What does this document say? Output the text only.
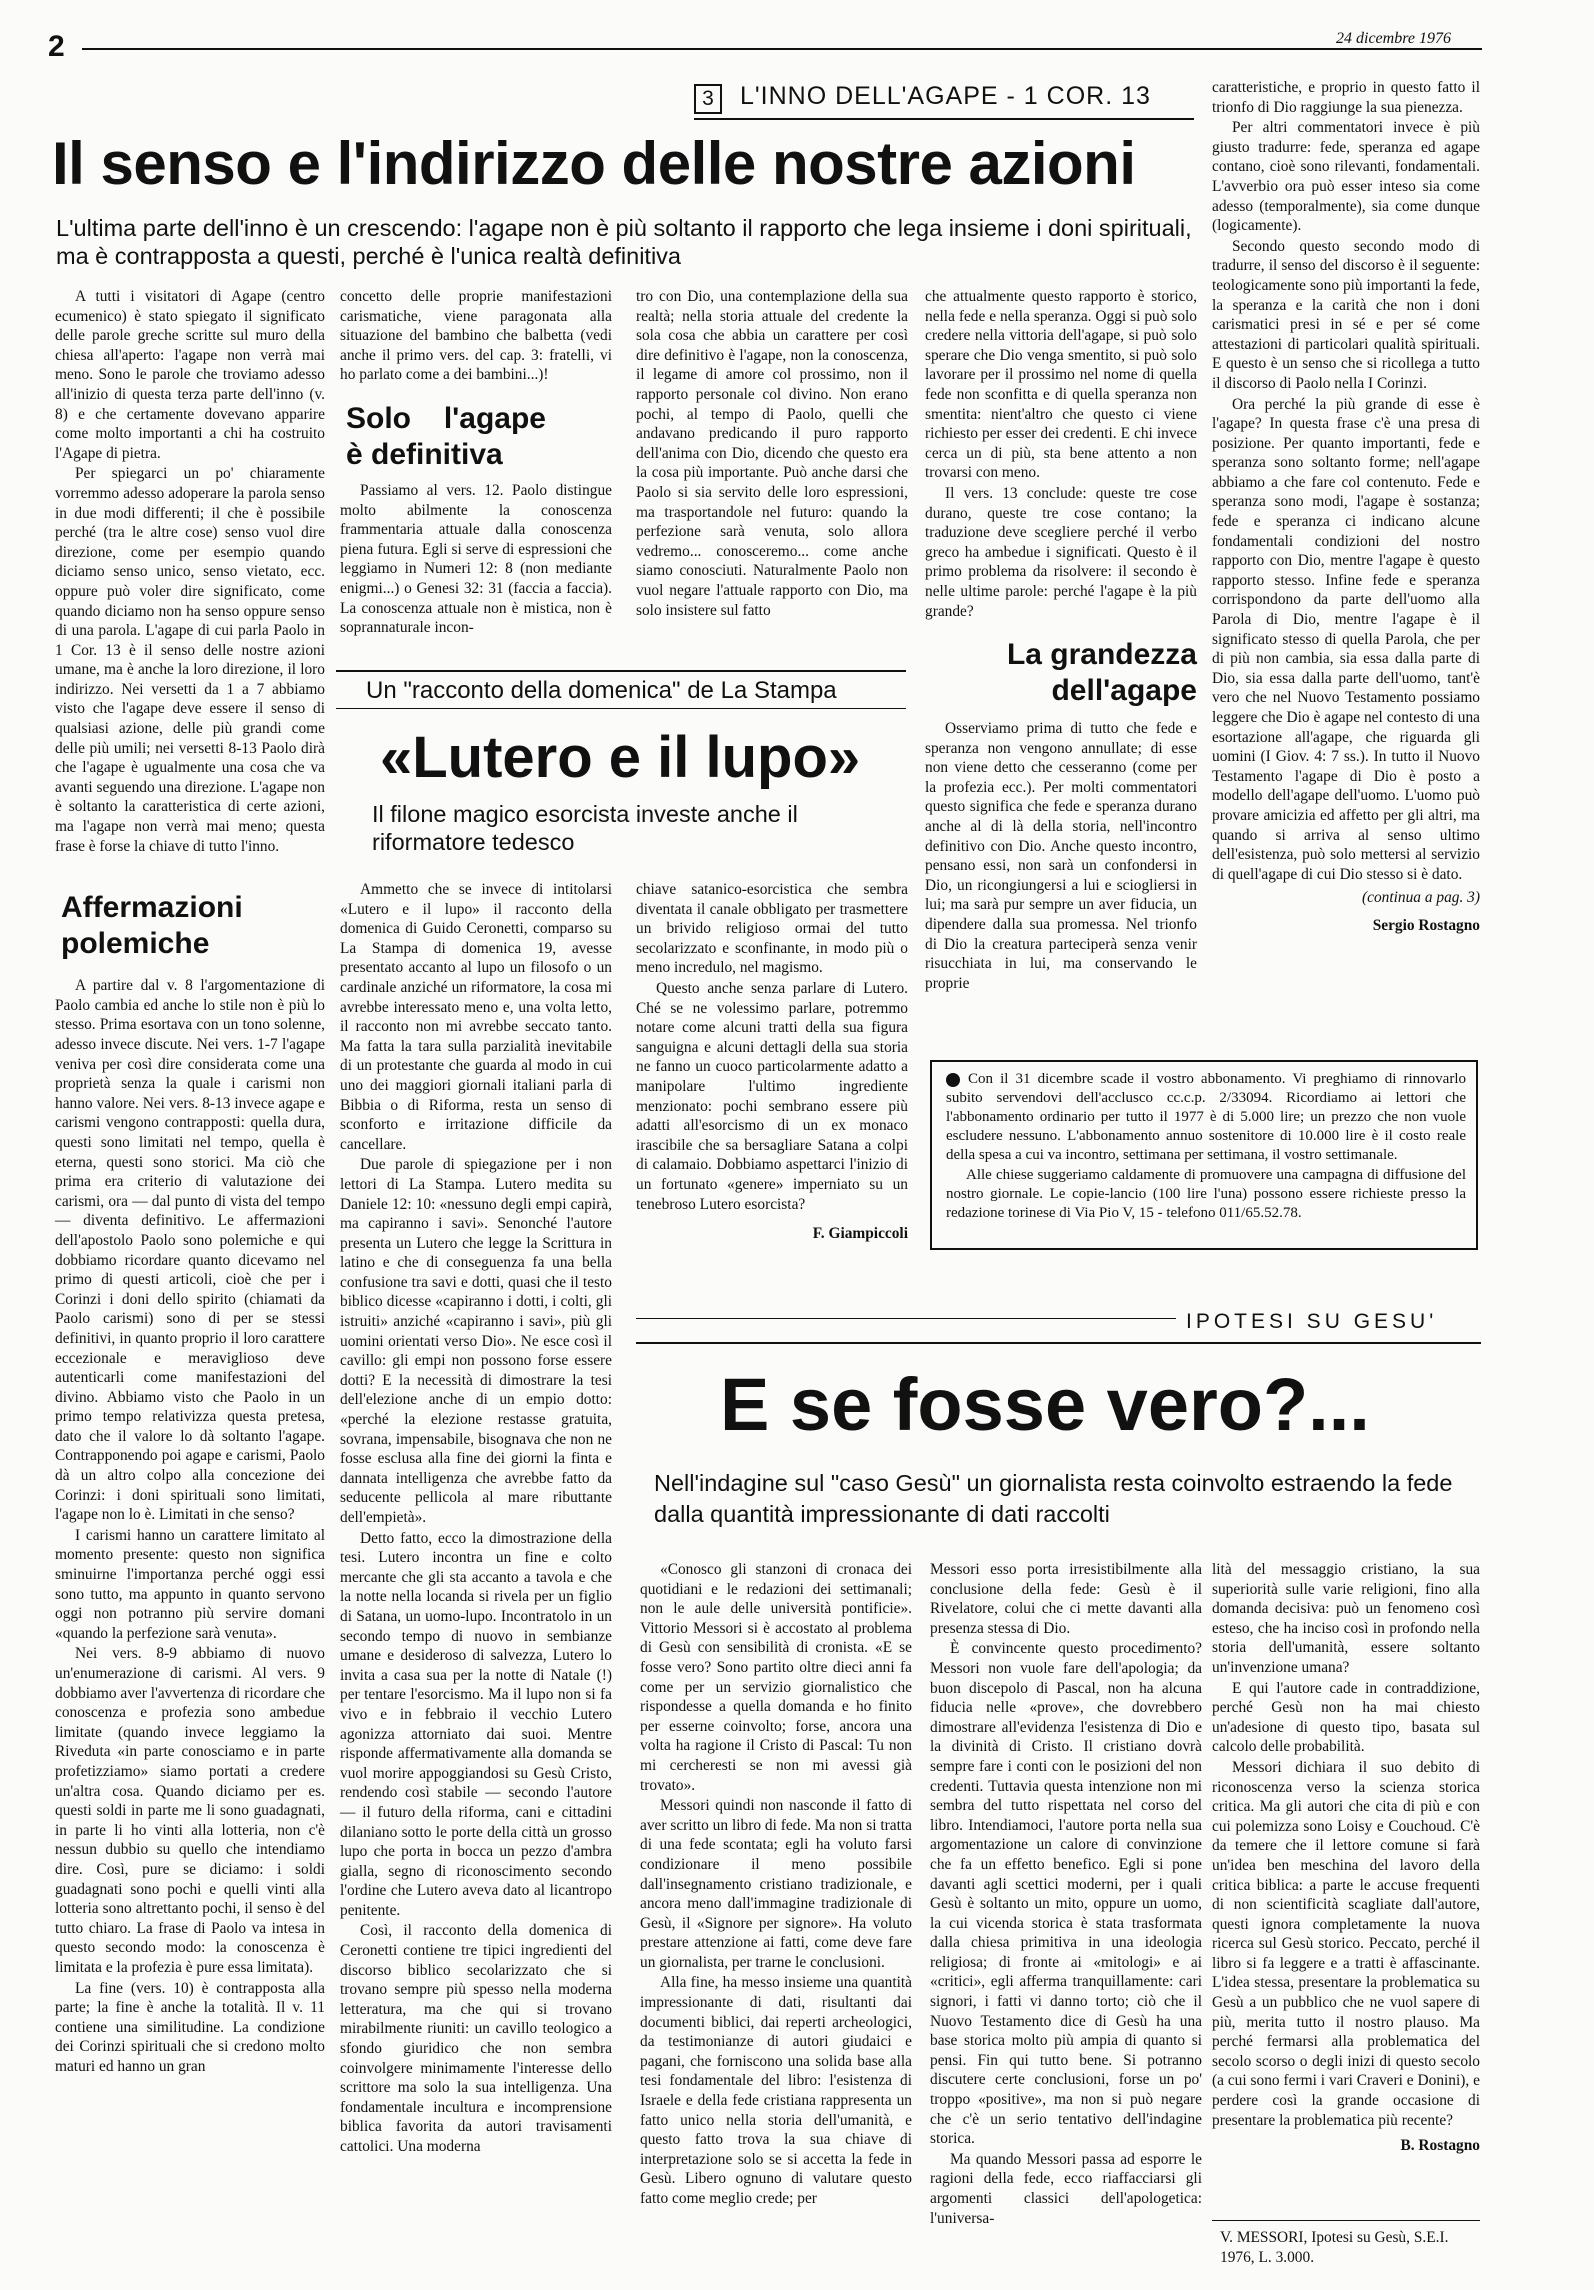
2	24 dicembre 1976
3	L'INNO DELL'AGAPE - 1 COR. 13
Il senso e l'indirizzo delle nostre azioni
L'ultima parte dell'inno è un crescendo: l'agape non è più soltanto il rapporto che lega insieme i doni spirituali, ma è contrapposta a questi, perché è l'unica realtà definitiva

A tutti i visitatori di Agape (centro ecumenico) è stato spiegato il significato delle parole greche scritte sul muro della chiesa all'aperto: l'agape non verrà mai meno. Sono le parole che troviamo adesso all'inizio di questa terza parte dell'inno (v. 8) e che certamente dovevano apparire come molto importanti a chi ha costruito l'Agape di pietra.

Per spiegarci un po' chiaramente vorremmo adesso adoperare la parola senso in due modi differenti; il che è possibile perché (tra le altre cose) senso vuol dire direzione, come per esempio quando diciamo senso unico, senso vietato, ecc. oppure può voler dire significato, come quando diciamo non ha senso oppure senso di una parola. L'agape di cui parla Paolo in 1 Cor. 13 è il senso delle nostre azioni umane, ma è anche la loro direzione, il loro indirizzo. Nei versetti da 1 a 7 abbiamo visto che l'agape deve essere il senso di qualsiasi azione, delle più grandi come delle più umili; nei versetti 8-13 Paolo dirà che l'agape è ugualmente una cosa che va avanti seguendo una direzione. L'agape non è soltanto la caratteristica di certe azioni, ma l'agape non verrà mai meno; questa frase è forse la chiave di tutto l'inno.

Affermazioni polemiche

A partire dal v. 8 l'argomentazione di Paolo cambia ed anche lo stile non è più lo stesso. Prima esortava con un tono solenne, adesso invece discute. Nei vers. 1-7 l'agape veniva per così dire considerata come una proprietà senza la quale i carismi non hanno valore. Nei vers. 8-13 invece agape e carismi vengono contrapposti: quella dura, questi sono limitati nel tempo, quella è eterna, questi sono storici. Ma ciò che prima era criterio di valutazione dei carismi, ora — dal punto di vista del tempo — diventa definitivo. Le affermazioni dell'apostolo Paolo sono polemiche e qui dobbiamo ricordare quanto dicevamo nel primo di questi articoli, cioè che per i Corinzi i doni dello spirito (chiamati da Paolo carismi) sono di per se stessi definitivi, in quanto proprio il loro carattere eccezionale e meraviglioso deve autenticarli come manifestazioni del divino. Abbiamo visto che Paolo in un primo tempo relativizza questa pretesa, dato che il valore lo dà soltanto l'agape. Contrapponendo poi agape e carismi, Paolo dà un altro colpo alla concezione dei Corinzi: i doni spirituali sono limitati, l'agape non lo è. Limitati in che senso?

I carismi hanno un carattere limitato al momento presente: questo non significa sminuirne l'importanza perché oggi essi sono tutto, ma appunto in quanto servono oggi non potranno più servire domani «quando la perfezione sarà venuta».

Nei vers. 8-9 abbiamo di nuovo un'enumerazione di carismi. Al vers. 9 dobbiamo aver l'avvertenza di ricordare che conoscenza e profezia sono ambedue limitate (quando invece leggiamo la Riveduta «in parte conosciamo e in parte profetizziamo» siamo portati a credere un'altra cosa. Quando diciamo per es. questi soldi in parte me li sono guadagnati, in parte li ho vinti alla lotteria, non c'è nessun dubbio su quello che intendiamo dire. Così, pure se diciamo: i soldi guadagnati sono pochi e quelli vinti alla lotteria sono altrettanto pochi, il senso è del tutto chiaro. La frase di Paolo va intesa in questo secondo modo: la conoscenza è limitata e la profezia è pure essa limitata).

La fine (vers. 10) è contrapposta alla parte; la fine è anche la totalità. Il v. 11 contiene una similitudine. La condizione dei Corinzi spirituali che si credono molto maturi ed hanno un gran

concetto delle proprie manifestazioni carismatiche, viene paragonata alla situazione del bambino che balbetta (vedi anche il primo vers. del cap. 3: fratelli, vi ho parlato come a dei bambini...)!

Solo l'agape è definitiva

Passiamo al vers. 12. Paolo distingue molto abilmente la conoscenza frammentaria attuale dalla conoscenza piena futura. Egli si serve di espressioni che leggiamo in Numeri 12: 8 (non mediante enigmi...) o Genesi 32: 31 (faccia a faccia). La conoscenza attuale non è mistica, non è soprannaturale incon-

tro con Dio, una contemplazione della sua realtà; nella storia attuale del credente la sola cosa che abbia un carattere per così dire definitivo è l'agape, non la conoscenza, il legame di amore col prossimo, non il rapporto personale col divino. Non erano pochi, al tempo di Paolo, quelli che andavano predicando il puro rapporto dell'anima con Dio, dicendo che questo era la cosa più importante. Può anche darsi che Paolo si sia servito delle loro espressioni, ma trasportandole nel futuro: quando la perfezione sarà venuta, solo allora vedremo... conosceremo... come anche siamo conosciuti. Naturalmente Paolo non vuol negare l'attuale rapporto con Dio, ma solo insistere sul fatto

che attualmente questo rapporto è storico, nella fede e nella speranza. Oggi si può solo credere nella vittoria dell'agape, si può solo sperare che Dio venga smentito, si può solo lavorare per il prossimo nel nome di quella fede non sconfitta e di quella speranza non smentita: nient'altro che questo ci viene richiesto per esser dei credenti. E chi invece cerca un di più, sta bene attento a non trovarsi con meno.

Il vers. 13 conclude: queste tre cose durano, queste tre cose contano; la traduzione deve scegliere perché il verbo greco ha ambedue i significati. Questo è il primo problema da risolvere: il secondo è nelle ultime parole: perché l'agape è la più grande?

La grandezza dell'agape

Osserviamo prima di tutto che fede e speranza non vengono annullate; di esse non viene detto che cesseranno (come per la profezia ecc.). Per molti commentatori questo significa che fede e speranza durano anche al di là della storia, nell'incontro definitivo con Dio. Anche questo incontro, pensano essi, non sarà un confondersi in Dio, un ricongiungersi a lui e sciogliersi in lui; ma sarà pur sempre un aver fiducia, un dipendere dalla sua promessa. Nel trionfo di Dio la creatura parteciperà senza venir risucchiata in lui, ma conservando le proprie

caratteristiche, e proprio in questo fatto il trionfo di Dio raggiunge la sua pienezza.

Per altri commentatori invece è più giusto tradurre: fede, speranza ed agape contano, cioè sono rilevanti, fondamentali. L'avverbio ora può esser inteso sia come adesso (temporalmente), sia come dunque (logicamente).

Secondo questo secondo modo di tradurre, il senso del discorso è il seguente: teologicamente sono più importanti la fede, la speranza e la carità che non i doni carismatici presi in sé e per sé come attestazioni di particolari qualità spirituali. E questo è un senso che si ricollega a tutto il discorso di Paolo nella I Corinzi.

Ora perché la più grande di esse è l'agape? In questa frase c'è una presa di posizione. Per quanto importanti, fede e speranza sono soltanto forme; nell'agape abbiamo a che fare col contenuto. Fede e speranza sono modi, l'agape è sostanza; fede e speranza ci indicano alcune fondamentali condizioni del nostro rapporto con Dio, mentre l'agape è questo rapporto stesso. Infine fede e speranza corrispondono da parte dell'uomo alla Parola di Dio, mentre l'agape è il significato stesso di quella Parola, che per di più non cambia, sia essa dalla parte di Dio, sia essa dalla parte dell'uomo, tant'è vero che nel Nuovo Testamento possiamo leggere che Dio è agape nel contesto di una esortazione all'agape, che riguarda gli uomini (I Giov. 4: 7 ss.). In tutto il Nuovo Testamento l'agape di Dio è posto a modello dell'agape dell'uomo. L'uomo può provare amicizia ed affetto per gli altri, ma quando si arriva al senso ultimo dell'esistenza, può solo mettersi al servizio di quell'agape di cui Dio stesso si è dato.

(continua a pag. 3)

Sergio Rostagno

Un "racconto della domenica" de La Stampa
«Lutero e il lupo»
Il filone magico esorcista investe anche il riformatore tedesco

Ammetto che se invece di intitolarsi «Lutero e il lupo» il racconto della domenica di Guido Ceronetti, comparso su La Stampa di domenica 19, avesse presentato accanto al lupo un filosofo o un cardinale anziché un riformatore, la cosa mi avrebbe interessato meno e, una volta letto, il racconto non mi avrebbe seccato tanto. Ma fatta la tara sulla parzialità inevitabile di un protestante che guarda al modo in cui uno dei maggiori giornali italiani parla di Bibbia o di Riforma, resta un senso di sconforto e irritazione difficile da cancellare.

Due parole di spiegazione per i non lettori di La Stampa. Lutero medita su Daniele 12: 10: «nessuno degli empi capirà, ma capiranno i savi». Senonché l'autore presenta un Lutero che legge la Scrittura in latino e che di conseguenza fa una bella confusione tra savi e dotti, quasi che il testo biblico dicesse «capiranno i dotti, i colti, gli istruiti» anziché «capiranno i savi», più gli uomini orientati verso Dio». Ne esce così il cavillo: gli empi non possono forse essere dotti? E la necessità di dimostrare la tesi dell'elezione anche di un empio dotto: «perché la elezione restasse gratuita, sovrana, impensabile, bisognava che non ne fosse esclusa alla fine dei giorni la finta e dannata intelligenza che avrebbe fatto da seducente pellicola al mare ributtante dell'empietà».

Detto fatto, ecco la dimostrazione della tesi. Lutero incontra un fine e colto mercante che gli sta accanto a tavola e che la notte nella locanda si rivela per un figlio di Satana, un uomo-lupo. Incontratolo in un secondo tempo di nuovo in sembianze umane e desideroso di salvezza, Lutero lo invita a casa sua per la notte di Natale (!) per tentare l'esorcismo. Ma il lupo non si fa vivo e in febbraio il vecchio Lutero agonizza attorniato dai suoi. Mentre risponde affermativamente alla domanda se vuol morire appoggiandosi su Gesù Cristo, rendendo così stabile — secondo l'autore — il futuro della riforma, cani e cittadini dilaniano sotto le porte della città un grosso lupo che porta in bocca un pezzo d'ambra gialla, segno di riconoscimento secondo l'ordine che Lutero aveva dato al licantropo penitente.

Così, il racconto della domenica di Ceronetti contiene tre tipici ingredienti del discorso biblico secolarizzato che si trovano sempre più spesso nella moderna letteratura, ma che qui si trovano mirabilmente riuniti: un cavillo teologico a sfondo giuridico che non sembra coinvolgere minimamente l'interesse dello scrittore ma solo la sua intelligenza. Una fondamentale incultura e incomprensione biblica favorita da autori travisamenti cattolici. Una moderna

chiave satanico-esorcistica che sembra diventata il canale obbligato per trasmettere un brivido religioso ormai del tutto secolarizzato e sconfinante, in modo più o meno incredulo, nel magismo.

Questo anche senza parlare di Lutero. Ché se ne volessimo parlare, potremmo notare come alcuni tratti della sua figura sanguigna e alcuni dettagli della sua storia ne fanno un cuoco particolarmente adatto a manipolare l'ultimo ingrediente menzionato: pochi sembrano essere più adatti all'esorcismo di un ex monaco irascibile che sa bersagliare Satana a colpi di calamaio. Dobbiamo aspettarci l'inizio di un fortunato «genere» imperniato su un tenebroso Lutero esorcista?

F. Giampiccoli

Con il 31 dicembre scade il vostro abbonamento. Vi preghiamo di rinnovarlo subito servendovi dell'acclusco cc.c.p. 2/33094. Ricordiamo ai lettori che l'abbonamento ordinario per tutto il 1977 è di 5.000 lire; un prezzo che non vuole escludere nessuno. L'abbonamento annuo sostenitore di 10.000 lire è il costo reale della spesa a cui va incontro, settimana per settimana, il vostro settimanale.

Alle chiese suggeriamo caldamente di promuovere una campagna di diffusione del nostro giornale. Le copie-lancio (100 lire l'una) possono essere richieste presso la redazione torinese di Via Pio V, 15 - telefono 011/65.52.78.

IPOTESI SU GESU'
E se fosse vero?...
Nell'indagine sul "caso Gesù" un giornalista resta coinvolto estraendo la fede dalla quantità impressionante di dati raccolti

«Conosco gli stanzoni di cronaca dei quotidiani e le redazioni dei settimanali; non le aule delle università pontificie». Vittorio Messori si è accostato al problema di Gesù con sensibilità di cronista. «E se fosse vero? Sono partito oltre dieci anni fa come per un servizio giornalistico che rispondesse a quella domanda e ho finito per esserne coinvolto; forse, ancora una volta ha ragione il Cristo di Pascal: Tu non mi cercheresti se non mi avessi già trovato».

Messori quindi non nasconde il fatto di aver scritto un libro di fede. Ma non si tratta di una fede scontata; egli ha voluto farsi condizionare il meno possibile dall'insegnamento cristiano tradizionale, e ancora meno dall'immagine tradizionale di Gesù, il «Signore per signore». Ha voluto prestare attenzione ai fatti, come deve fare un giornalista, per trarne le conclusioni.

Alla fine, ha messo insieme una quantità impressionante di dati, risultanti dai documenti biblici, dai reperti archeologici, da testimonianze di autori giudaici e pagani, che forniscono una solida base alla tesi fondamentale del libro: l'esistenza di Israele e della fede cristiana rappresenta un fatto unico nella storia dell'umanità, e questo fatto trova la sua chiave di interpretazione solo se si accetta la fede in Gesù. Libero ognuno di valutare questo fatto come meglio crede; per

Messori esso porta irresistibilmente alla conclusione della fede: Gesù è il Rivelatore, colui che ci mette davanti alla presenza stessa di Dio.

È convincente questo procedimento? Messori non vuole fare dell'apologia; da buon discepolo di Pascal, non ha alcuna fiducia nelle «prove», che dovrebbero dimostrare all'evidenza l'esistenza di Dio e la divinità di Cristo. Il cristiano dovrà sempre fare i conti con le posizioni del non credenti. Tuttavia questa intenzione non mi sembra del tutto rispettata nel corso del libro. Intendiamoci, l'autore porta nella sua argomentazione un calore di convinzione che fa un effetto benefico. Egli si pone davanti agli scettici moderni, per i quali Gesù è soltanto un mito, oppure un uomo, la cui vicenda storica è stata trasformata dalla chiesa primitiva in una ideologia religiosa; di fronte ai «mitologi» e ai «critici», egli afferma tranquillamente: cari signori, i fatti vi danno torto; ciò che il Nuovo Testamento dice di Gesù ha una base storica molto più ampia di quanto si pensi. Fin qui tutto bene. Si potranno discutere certe conclusioni, forse un po' troppo «positive», ma non si può negare che c'è un serio tentativo dell'indagine storica.

Ma quando Messori passa ad esporre le ragioni della fede, ecco riaffacciarsi gli argomenti classici dell'apologetica: l'universa-

lità del messaggio cristiano, la sua superiorità sulle varie religioni, fino alla domanda decisiva: può un fenomeno così esteso, che ha inciso così in profondo nella storia dell'umanità, essere soltanto un'invenzione umana?

E qui l'autore cade in contraddizione, perché Gesù non ha mai chiesto un'adesione di questo tipo, basata sul calcolo delle probabilità.

Messori dichiara il suo debito di riconoscenza verso la scienza storica critica. Ma gli autori che cita di più e con cui polemizza sono Loisy e Couchoud. C'è da temere che il lettore comune si farà un'idea ben meschina del lavoro della critica biblica: a parte le accuse frequenti di non scientificità scagliate dall'autore, questi ignora completamente la nuova ricerca sul Gesù storico. Peccato, perché il libro si fa leggere e a tratti è affascinante. L'idea stessa, presentare la problematica su Gesù a un pubblico che ne vuol sapere di più, merita tutto il nostro plauso. Ma perché fermarsi alla problematica del secolo scorso o degli inizi di questo secolo (a cui sono fermi i vari Craveri e Donini), e perdere così la grande occasione di presentare la problematica più recente?

B. Rostagno

V. MESSORI, Ipotesi su Gesù, S.E.I. 1976, L. 3.000.
